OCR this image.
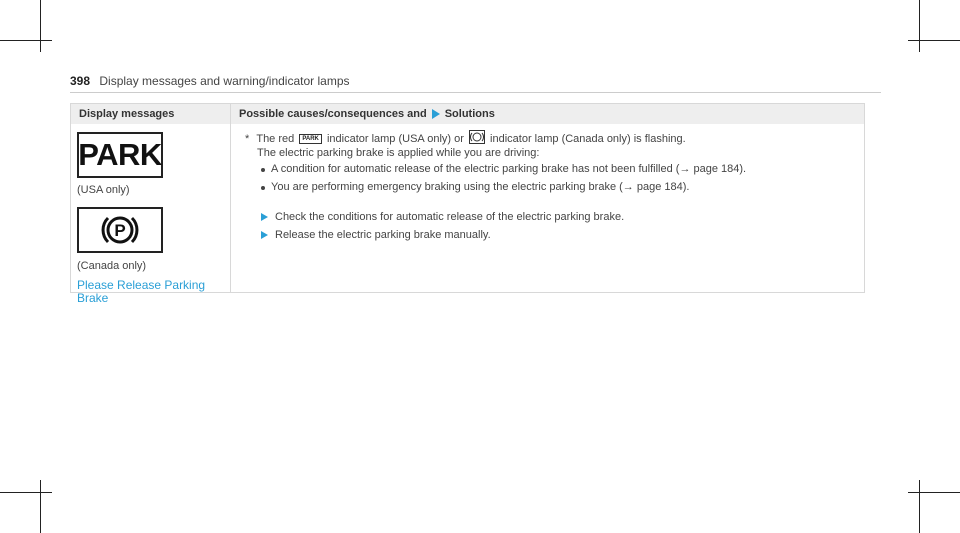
398 Display messages and warning/indicator lamps
Display messages	Possible causes/consequences and Solutions
PARK
(USA only)
P
(Canada only)
Please Release Parking
Brake
* The red PARK indicator lamp (USA only) or indicator lamp (Canada only) is flashing.
The electric parking brake is applied while you are driving:
A condition for automatic release of the electric parking brake has not been fulfilled (→ page 184).
You are performing emergency braking using the electric parking brake (→ page 184).
Check the conditions for automatic release of the electric parking brake.
Release the electric parking brake manually.
